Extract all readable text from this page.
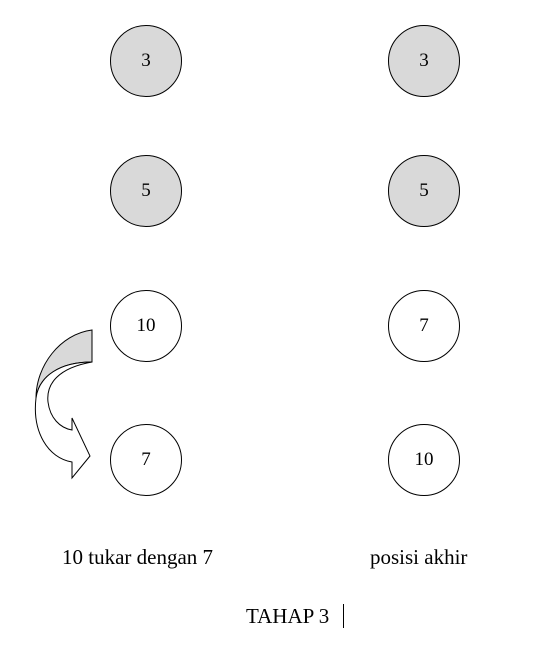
3
5
10
7
3
5
7
10
10 tukar dengan 7	posisi akhir
TAHAP 3
